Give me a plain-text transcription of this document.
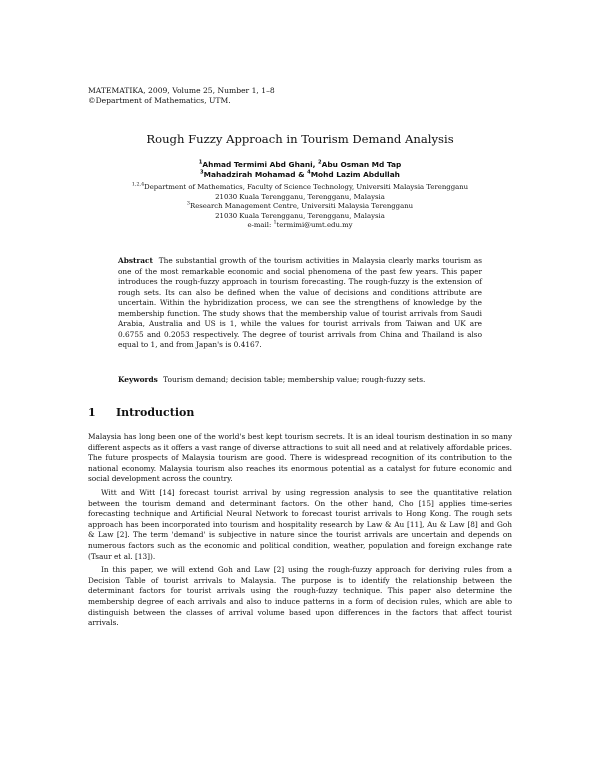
MATEMATIKA, 2009, Volume 25, Number 1, 1–8
©Department of Mathematics, UTM.
Rough Fuzzy Approach in Tourism Demand Analysis
$^1$Ahmad Termimi Abd Ghani, $^2$Abu Osman Md Tap
$^3$Mahadzirah Mohamad & $^4$Mohd Lazim Abdullah
$^{1,2,4}$Department of Mathematics, Faculty of Science Technology, Universiti Malaysia Terengganu
21030 Kuala Terengganu, Terengganu, Malaysia
$^3$Research Management Centre, Universiti Malaysia Terengganu
21030 Kuala Terengganu, Terengganu, Malaysia
e-mail: $^1$termimi@umt.edu.my
Abstract The substantial growth of the tourism activities in Malaysia clearly marks tourism as one of the most remarkable economic and social phenomena of the past few years. This paper introduces the rough-fuzzy approach in tourism forecasting. The rough-fuzzy is the extension of rough sets. Its can also be defined when the value of decisions and conditions attribute are uncertain. Within the hybridization process, we can see the strengthens of knowledge by the membership function. The study shows that the membership value of tourist arrivals from Saudi Arabia, Australia and US is 1, while the values for tourist arrivals from Taiwan and UK are 0.6755 and 0.2053 respectively. The degree of tourist arrivals from China and Thailand is also equal to 1, and from Japan's is 0.4167.
Keywords Tourism demand; decision table; membership value; rough-fuzzy sets.
1 Introduction

Malaysia has long been one of the world's best kept tourism secrets. It is an ideal tourism destination in so many different aspects as it offers a vast range of diverse attractions to suit all need and at relatively affordable prices. The future prospects of Malaysia tourism are good. There is widespread recognition of its contribution to the national economy. Malaysia tourism also reaches its enormous potential as a catalyst for future economic and social development across the country.

Witt and Witt [14] forecast tourist arrival by using regression analysis to see the quantitative relation between the tourism demand and determinant factors. On the other hand, Cho [15] applies time-series forecasting technique and Artificial Neural Network to forecast tourist arrivals to Hong Kong. The rough sets approach has been incorporated into tourism and hospitality research by Law & Au [11], Au & Law [8] and Goh & Law [2]. The term 'demand' is subjective in nature since the tourist arrivals are uncertain and depends on numerous factors such as the economic and political condition, weather, population and foreign exchange rate (Tsaur et al. [13]).

In this paper, we will extend Goh and Law [2] using the rough-fuzzy approach for deriving rules from a Decision Table of tourist arrivals to Malaysia. The purpose is to identify the relationship between the determinant factors for tourist arrivals using the rough-fuzzy technique. This paper also determine the membership degree of each arrivals and also to induce patterns in a form of decision rules, which are able to distinguish between the classes of arrival volume based upon differences in the factors that affect tourist arrivals.
